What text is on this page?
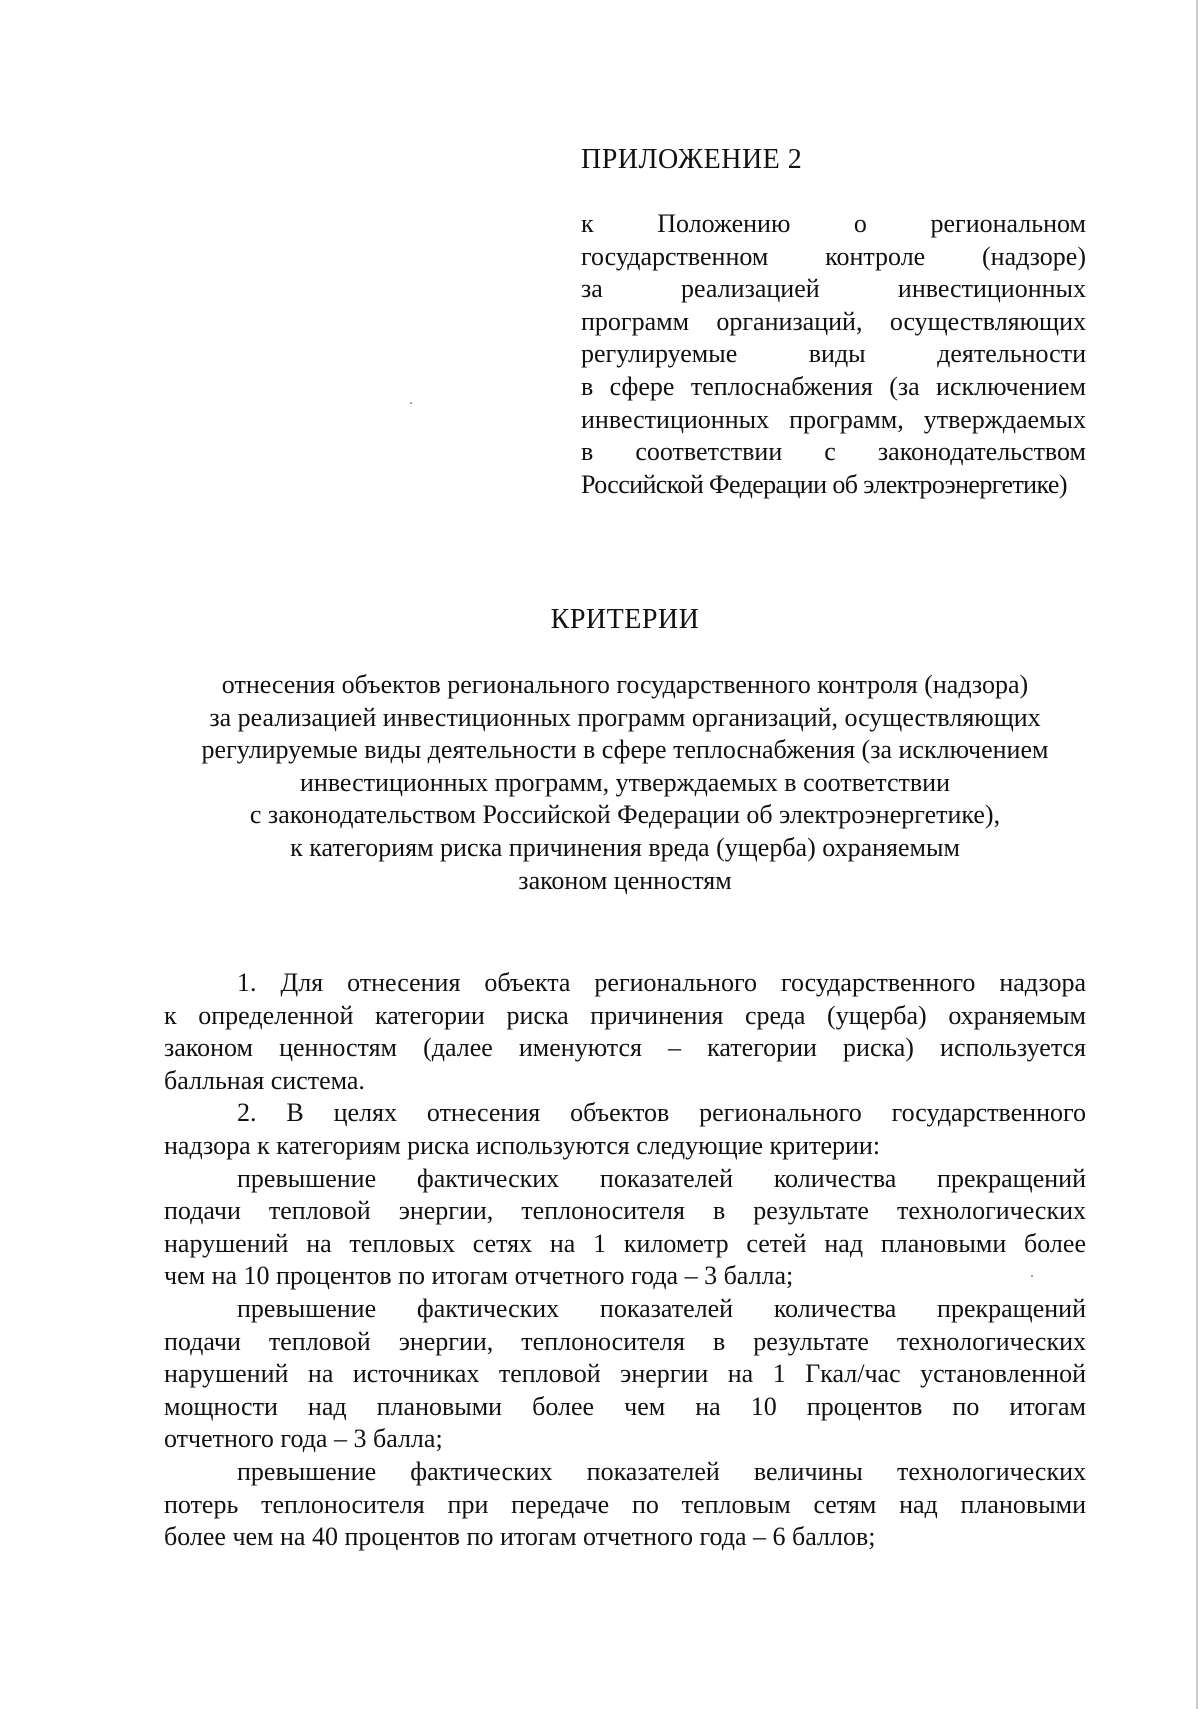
ПРИЛОЖЕНИЕ 2
к Положению о региональном
государственном контроле (надзоре)
за реализацией инвестиционных
программ организаций, осуществляющих
регулируемые виды деятельности
в сфере теплоснабжения (за исключением
инвестиционных программ, утверждаемых
в соответствии с законодательством
Российской Федерации об электроэнергетике)
КРИТЕРИИ
отнесения объектов регионального государственного контроля (надзора)
за реализацией инвестиционных программ организаций, осуществляющих
регулируемые виды деятельности в сфере теплоснабжения (за исключением
инвестиционных программ, утверждаемых в соответствии
с законодательством Российской Федерации об электроэнергетике),
к категориям риска причинения вреда (ущерба) охраняемым
законом ценностям
1. Для отнесения объекта регионального государственного надзора
к определенной категории риска причинения среда (ущерба) охраняемым
законом ценностям (далее именуются – категории риска) используется
балльная система.
2. В целях отнесения объектов регионального государственного
надзора к категориям риска используются следующие критерии:
превышение фактических показателей количества прекращений
подачи тепловой энергии, теплоносителя в результате технологических
нарушений на тепловых сетях на 1 километр сетей над плановыми более
чем на 10 процентов по итогам отчетного года – 3 балла;
превышение фактических показателей количества прекращений
подачи тепловой энергии, теплоносителя в результате технологических
нарушений на источниках тепловой энергии на 1 Гкал/час установленной
мощности над плановыми более чем на 10 процентов по итогам
отчетного года – 3 балла;
превышение фактических показателей величины технологических
потерь теплоносителя при передаче по тепловым сетям над плановыми
более чем на 40 процентов по итогам отчетного года – 6 баллов;
